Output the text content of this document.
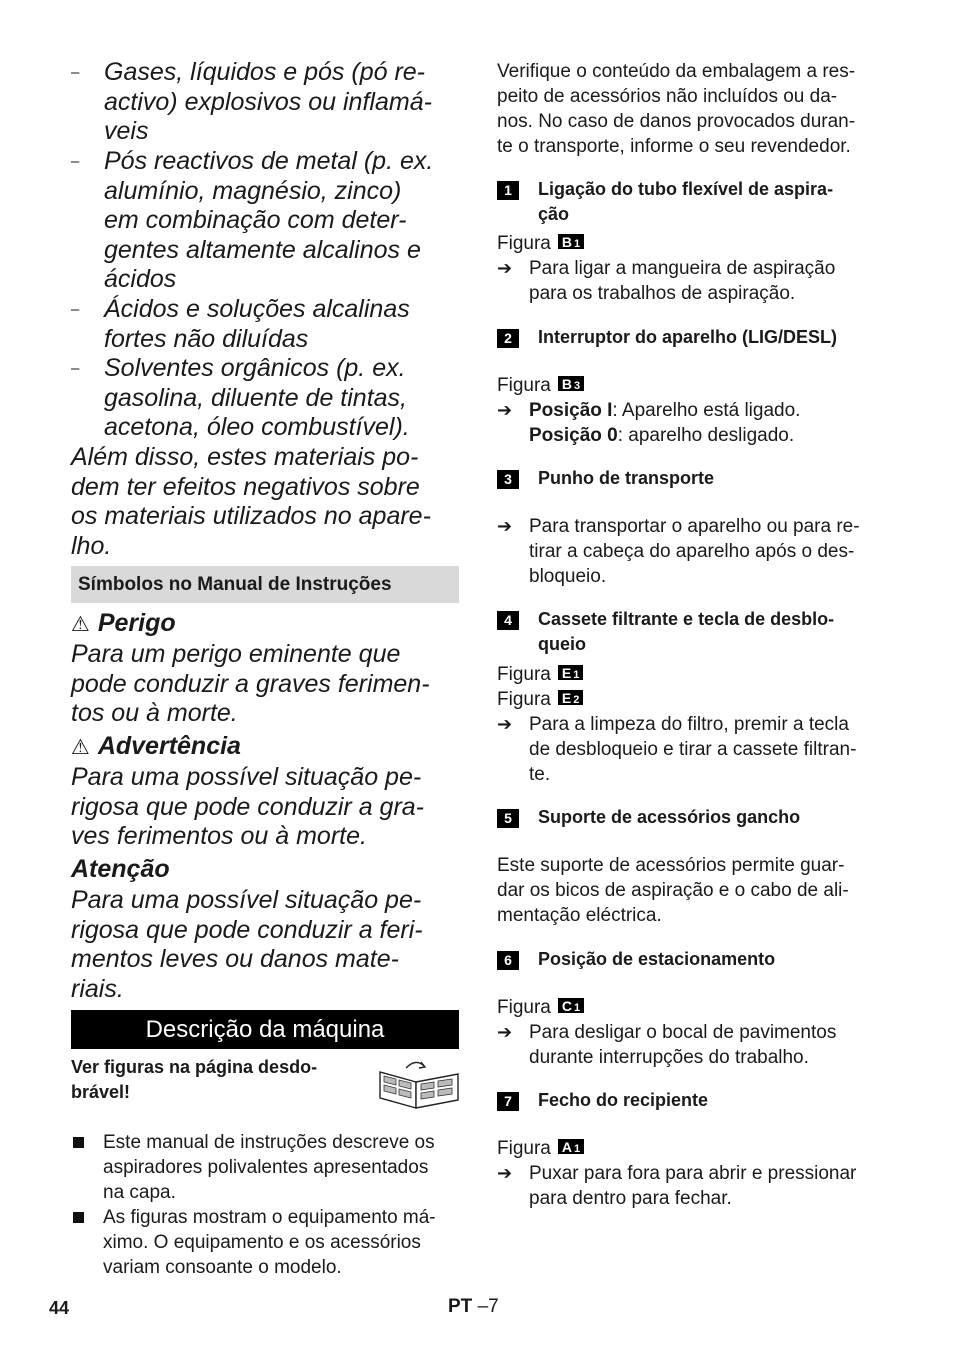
– Gases, líquidos e pós (pó re-
activo) explosivos ou inflamá-
veis
– Pós reactivos de metal (p. ex.
alumínio, magnésio, zinco)
em combinação com deter-
gentes altamente alcalinos e
ácidos
– Ácidos e soluções alcalinas
fortes não diluídas
– Solventes orgânicos (p. ex.
gasolina, diluente de tintas,
acetona, óleo combustível).
Além disso, estes materiais po-
dem ter efeitos negativos sobre
os materiais utilizados no apare-
lho.
Símbolos no Manual de Instruções
⚠ Perigo
Para um perigo eminente que
pode conduzir a graves ferimen-
tos ou à morte.
⚠ Advertência
Para uma possível situação pe-
rigosa que pode conduzir a gra-
ves ferimentos ou à morte.
Atenção
Para uma possível situação pe-
rigosa que pode conduzir a feri-
mentos leves ou danos mate-
riais.
Descrição da máquina
Ver figuras na página desdo-
brável!
Este manual de instruções descreve os
aspiradores polivalentes apresentados
na capa.
As figuras mostram o equipamento má-
ximo. O equipamento e os acessórios
variam consoante o modelo.
Verifique o conteúdo da embalagem a res-
peito de acessórios não incluídos ou da-
nos. No caso de danos provocados duran-
te o transporte, informe o seu revendedor.
1	Ligação do tubo flexível de aspira-
ção
Figura B 1
➔ Para ligar a mangueira de aspiração
para os trabalhos de aspiração.
2	Interruptor do aparelho (LIG/DESL)
Figura B 3
➔ Posição I: Aparelho está ligado.
Posição 0: aparelho desligado.
3	Punho de transporte
➔ Para transportar o aparelho ou para re-
tirar a cabeça do aparelho após o des-
bloqueio.
4	Cassete filtrante e tecla de desblo-
queio
Figura E 1
Figura E 2
➔ Para a limpeza do filtro, premir a tecla
de desbloqueio e tirar a cassete filtran-
te.
5	Suporte de acessórios gancho
Este suporte de acessórios permite guar-
dar os bicos de aspiração e o cabo de ali-
mentação eléctrica.
6	Posição de estacionamento
Figura C 1
➔ Para desligar o bocal de pavimentos
durante interrupções do trabalho.
7	Fecho do recipiente
Figura A 1
➔ Puxar para fora para abrir e pressionar
para dentro para fechar.
44	PT –7
